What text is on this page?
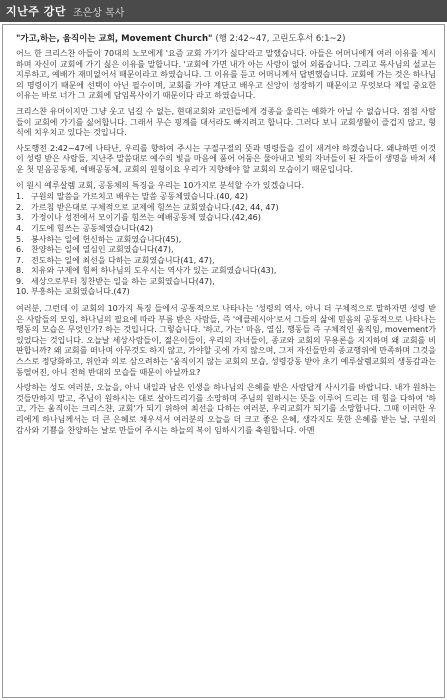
지난주 강단 조은상 목사
"가고,하는, 움직이는 교회, Movement Church" (행 2:42~47, 고린도후서 6:1~2)

어느 한 크리스찬 아들이 70대의 노모에게 '요즘 교회 가기가 싫다'라고 말했습니다. 아들은 어머니에게 여러 이유를 제시하며 자신이 교회에 가기 싫은 이유를 말합니다. '교회에 가면 내가 아는 사람이 없어 외롭습니다. 그리고 목사님의 설교는 지루하고, 예배가 재미없어서 때문이라고 하였습니다. 그 이유를 듣고 어머니께서 답변했습니다. 교회에 가는 것은 하나님의 명령이기 때문에 선택이 아닌 필수이며, 교회를 가야 계단고 배우고 신앙이 성장하기 때문이고 무엇보다 제일 중요한 이유는 바로 너가 그 교회에 담임목사이기 때문이다 라고 하였습니다.

크리스챤 유머이지만 그냥 웃고 넘길 수 없는, 현대교회와 교인들에게 경종을 울리는 예화가 아닐 수 없습니다. 점점 사람들이 교회에 가기를 싫어합니다. 그래서 무슨 핑계를 대서라도 빠지려고 합니다. 그러다 보니 교회생활이 즐겁지 않고, 형식에 치우치고 있다는 것입니다.

사도행전 2:42~47에 나타난, 우리를 향하여 주시는 구절구절의 뜻과 명령들을 깊이 새겨야 하겠습니다. 왜냐하면 이것이 성령 받은 사람들, 지난주 말씀대로 예수의 빛을 마음에 품어 어둠은 물아내고 빛의 자녀들이 된 자들이 생명을 바쳐 세운 첫 믿음공동체, 예배공동체, 교회의 원형이요 우리가 지향해야 할 교회의 모습이기 때문입니다.

이 원시 예루살렘 교회, 공동체의 특징을 우리는 10가지로 분석할 수가 있겠습니다.

1. 구원의 말씀을 가르치고 배우는 말씀 공동체였습니다.(40, 42)
2. 가르침 받은대로 구체적으로 교제에 힘쓰는 교회였습니다.(42, 44, 47)
3. 가정이나 성전에서 모이기를 힘쓰는 예배공동체 였습니다.(42,46)
4. 기도에 힘쓰는 공동체였습니다(42)
5. 봉사하는 일에 헌신하는 교회였습니다(45),
6. 찬양하는 일에 열심인 교회였습니다(47),
7. 전도하는 일에 최선을 다하는 교회였습니다(41, 47),
8. 치유와 구제에 힘써 하나님의 도우시는 역사가 있는 교회였습니다(43),
9. 세상으로부터 칭찬받는 일을 하는 교회였습니다(47),
10. 부흥하는 교회였습니다.(47)

여러분, 그런데 이 교회의 10가지 특징 들에서 공통적으로 나타나는 '성령의 역사, 아니 더 구체적으로 말하자면 성령 받은 사람들의 모임, 하나님의 필요에 따라 부름 받은 사람들, 즉 '에클레시아'로서 그들의 삶에 믿음의 공동적으로 나타나는 행동의 모습은 무엇인가? 하는 것입니다. 그렇습니다. '하고, 가는' 마음, 열심, 행동들 즉 구체적인 움직임, movement가 있었다는 것입니다. 오늘날 세상사람들이, 젊은이들이, 우리의 자녀들이, 종교와 교회의 무용론을 지지하며 왜 교회를 비판합니까? 왜 교회를 떠나며 아무것도 하지 않고, 가야할 곳에 가지 않으며, 그저 자신들만의 종교행위에 만족하며 그것을 스스로 정당화하고, 위안과 의로 삼으려하는 '움직이지 않는 교회의 모습, 성령강동 받아 초기 예루살렘교회의 생동감과는 동떨어진, 아니 전혀 반대의 모습들 때문이 아닐까요?

사랑하는 성도 여러분, 오늘을, 아니 내일과 남은 인생을 하나님의 은혜를 받은 사람답게 사시기를 바랍니다. 내가 원하는 것들만하지 말고, 주님이 원하시는 대로 살아드리기를 소망하며 주님의 원하시는 뜻을 이루어 드리는 데 힘을 다하여 '하고, 가는 움직이는 크리스챤, 교회'가 되기 위하여 최선을 다하는 여러분, 우리교회가 되기를 소망합니다. 그때 이러한 우리에게 하나님께서는 더 큰 은혜로 채우셔서 여러분의 오늘을 더 크고 좋은 은혜, 생각지도 못한 은혜를 받는 날, 구원의 감사와 기쁨을 찬양하는 날로 만들어 주시는 하늘의 복이 임하시기를 축원합니다. 아멘
